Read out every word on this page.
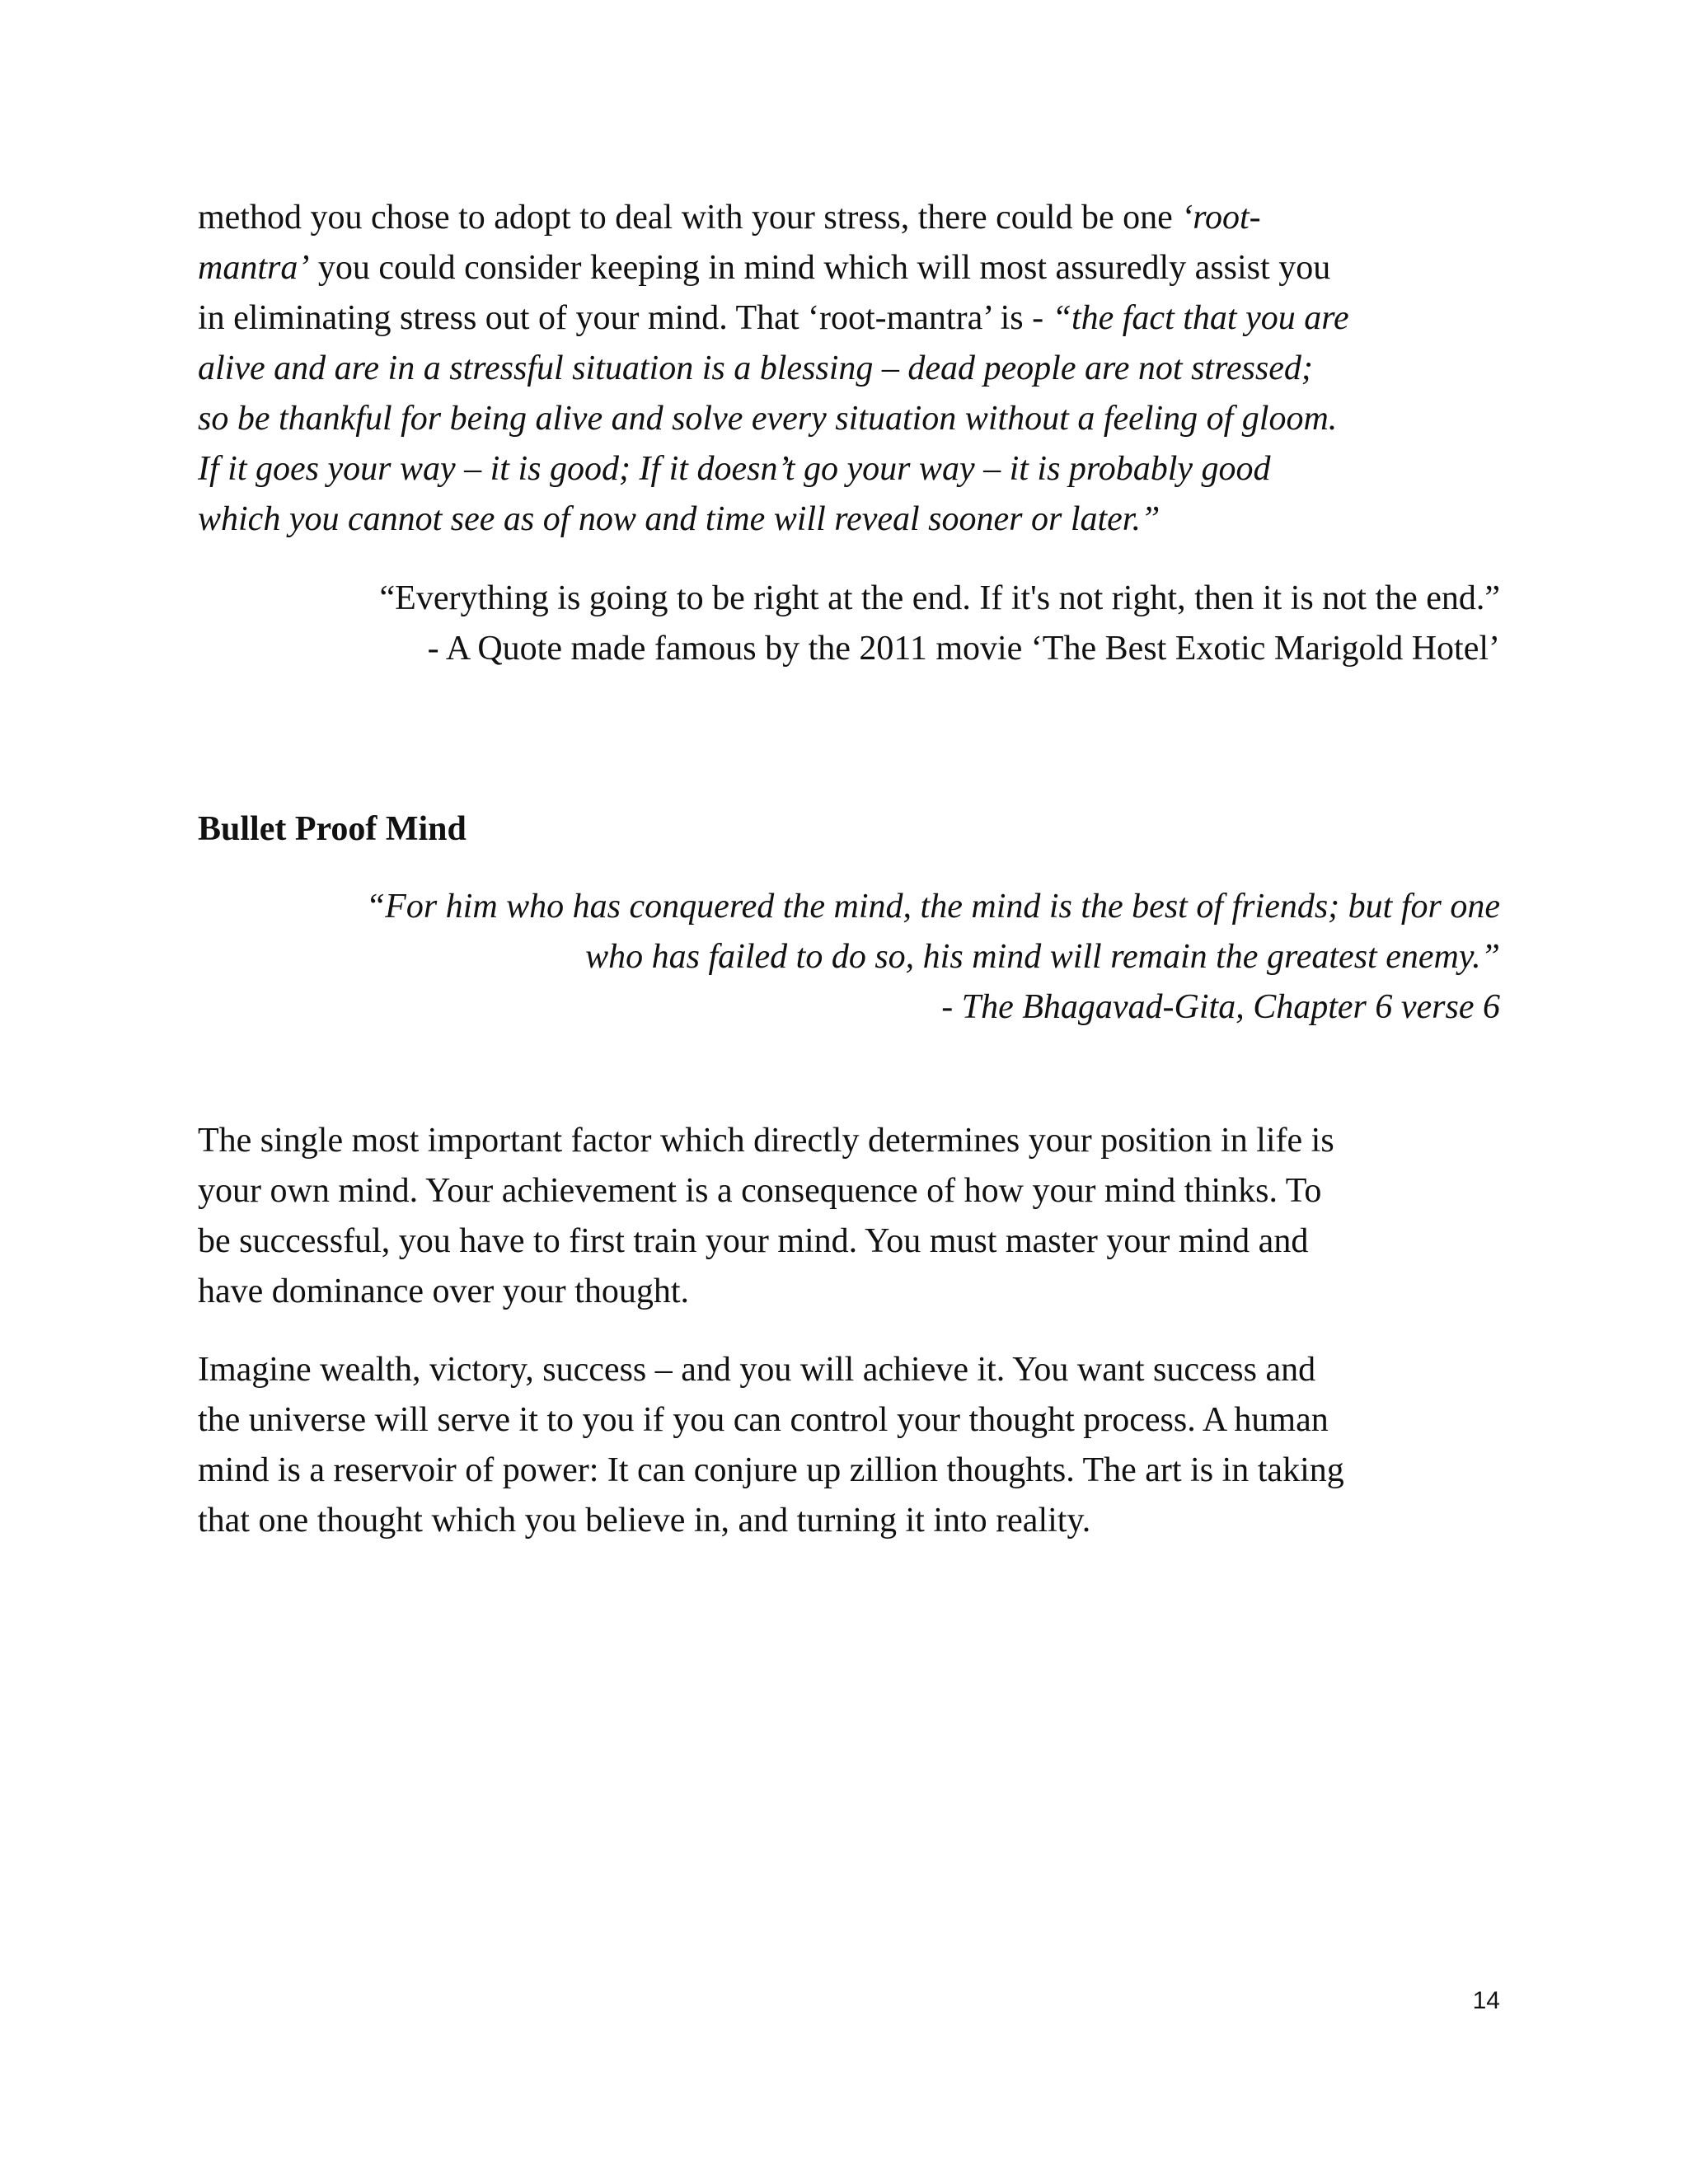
method you chose to adopt to deal with your stress, there could be one ‘root-
mantra’ you could consider keeping in mind which will most assuredly assist you
in eliminating stress out of your mind. That ‘root-mantra’ is - “the fact that you are
alive and are in a stressful situation is a blessing – dead people are not stressed;
so be thankful for being alive and solve every situation without a feeling of gloom.
If it goes your way – it is good; If it doesn’t go your way – it is probably good
which you cannot see as of now and time will reveal sooner or later.”
“Everything is going to be right at the end. If it's not right, then it is not the end.”
- A Quote made famous by the 2011 movie ‘The Best Exotic Marigold Hotel’
Bullet Proof Mind
“For him who has conquered the mind, the mind is the best of friends; but for one
who has failed to do so, his mind will remain the greatest enemy.”
- The Bhagavad-Gita, Chapter 6 verse 6
The single most important factor which directly determines your position in life is
your own mind. Your achievement is a consequence of how your mind thinks. To
be successful, you have to first train your mind. You must master your mind and
have dominance over your thought.
Imagine wealth, victory, success – and you will achieve it. You want success and
the universe will serve it to you if you can control your thought process. A human
mind is a reservoir of power: It can conjure up zillion thoughts. The art is in taking
that one thought which you believe in, and turning it into reality.
14
